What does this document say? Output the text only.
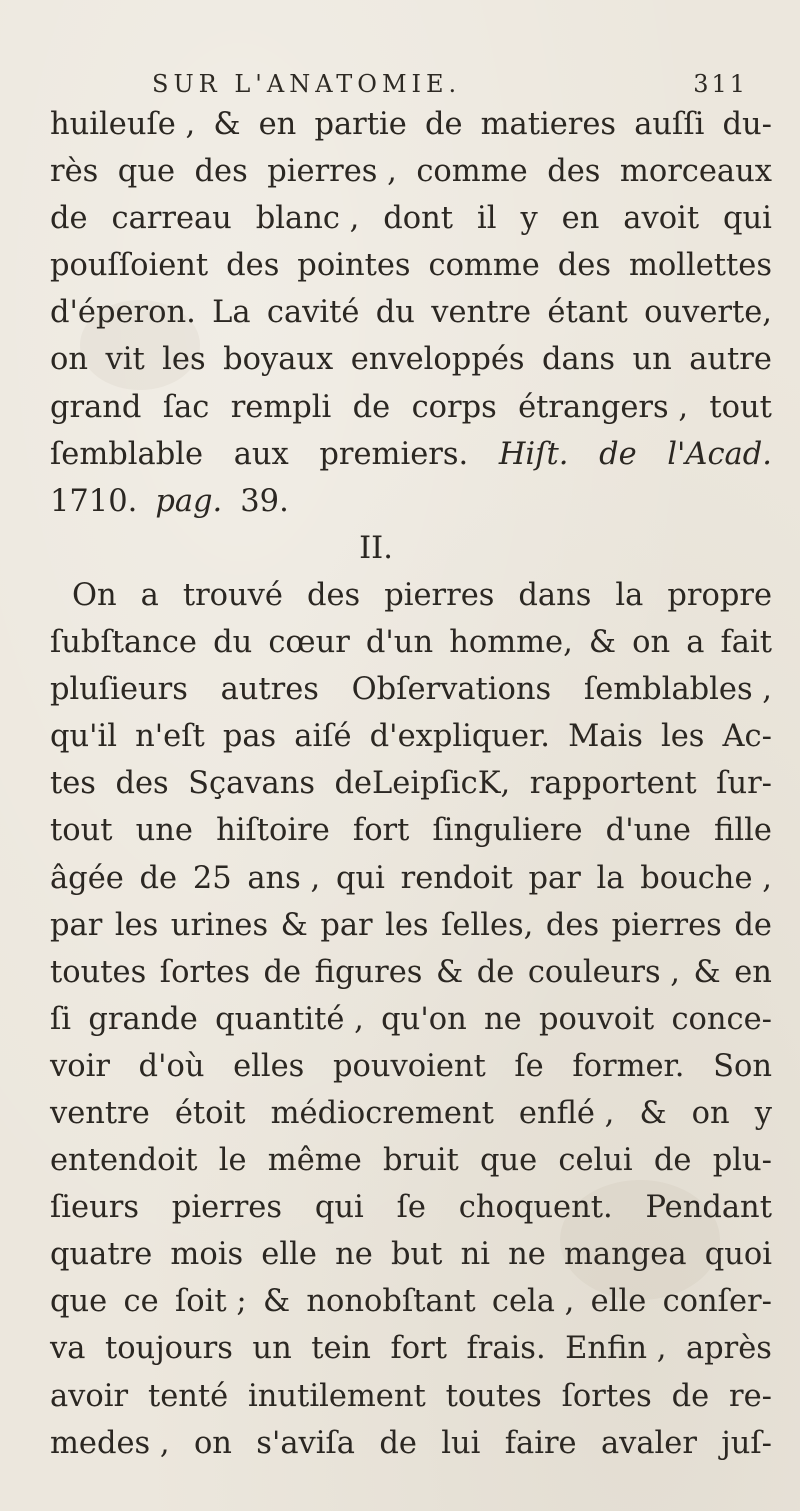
SUR L'ANATOMIE.	311
huileuſe , & en partie de matieres auſſi du-
rès que des pierres , comme des morceaux
de carreau blanc , dont il y en avoit qui
pouſſoient des pointes comme des mollettes
d'éperon. La cavité du ventre étant ouverte,
on vit les boyaux enveloppés dans un autre
grand ſac rempli de corps étrangers , tout
ſemblable aux premiers. Hiſt. de l'Acad.
1710. pag. 39.
II.
On a trouvé des pierres dans la propre
ſubſtance du cœur d'un homme, & on a fait
pluſieurs autres Obſervations ſemblables ,
qu'il n'eſt pas aiſé d'expliquer. Mais les Ac-
tes des Sçavans deLeipſicK, rapportent ſur-
tout une hiſtoire fort ſinguliere d'une fille
âgée de 25 ans , qui rendoit par la bouche ,
par les urines & par les ſelles, des pierres de
toutes ſortes de figures & de couleurs , & en
ſi grande quantité , qu'on ne pouvoit conce-
voir d'où elles pouvoient ſe former. Son
ventre étoit médiocrement enflé , & on y
entendoit le même bruit que celui de plu-
ſieurs pierres qui ſe choquent. Pendant
quatre mois elle ne but ni ne mangea quoi
que ce ſoit ; & nonobſtant cela , elle conſer-
va toujours un tein fort frais. Enfin , après
avoir tenté inutilement toutes ſortes de re-
medes , on s'aviſa de lui faire avaler juſ-
